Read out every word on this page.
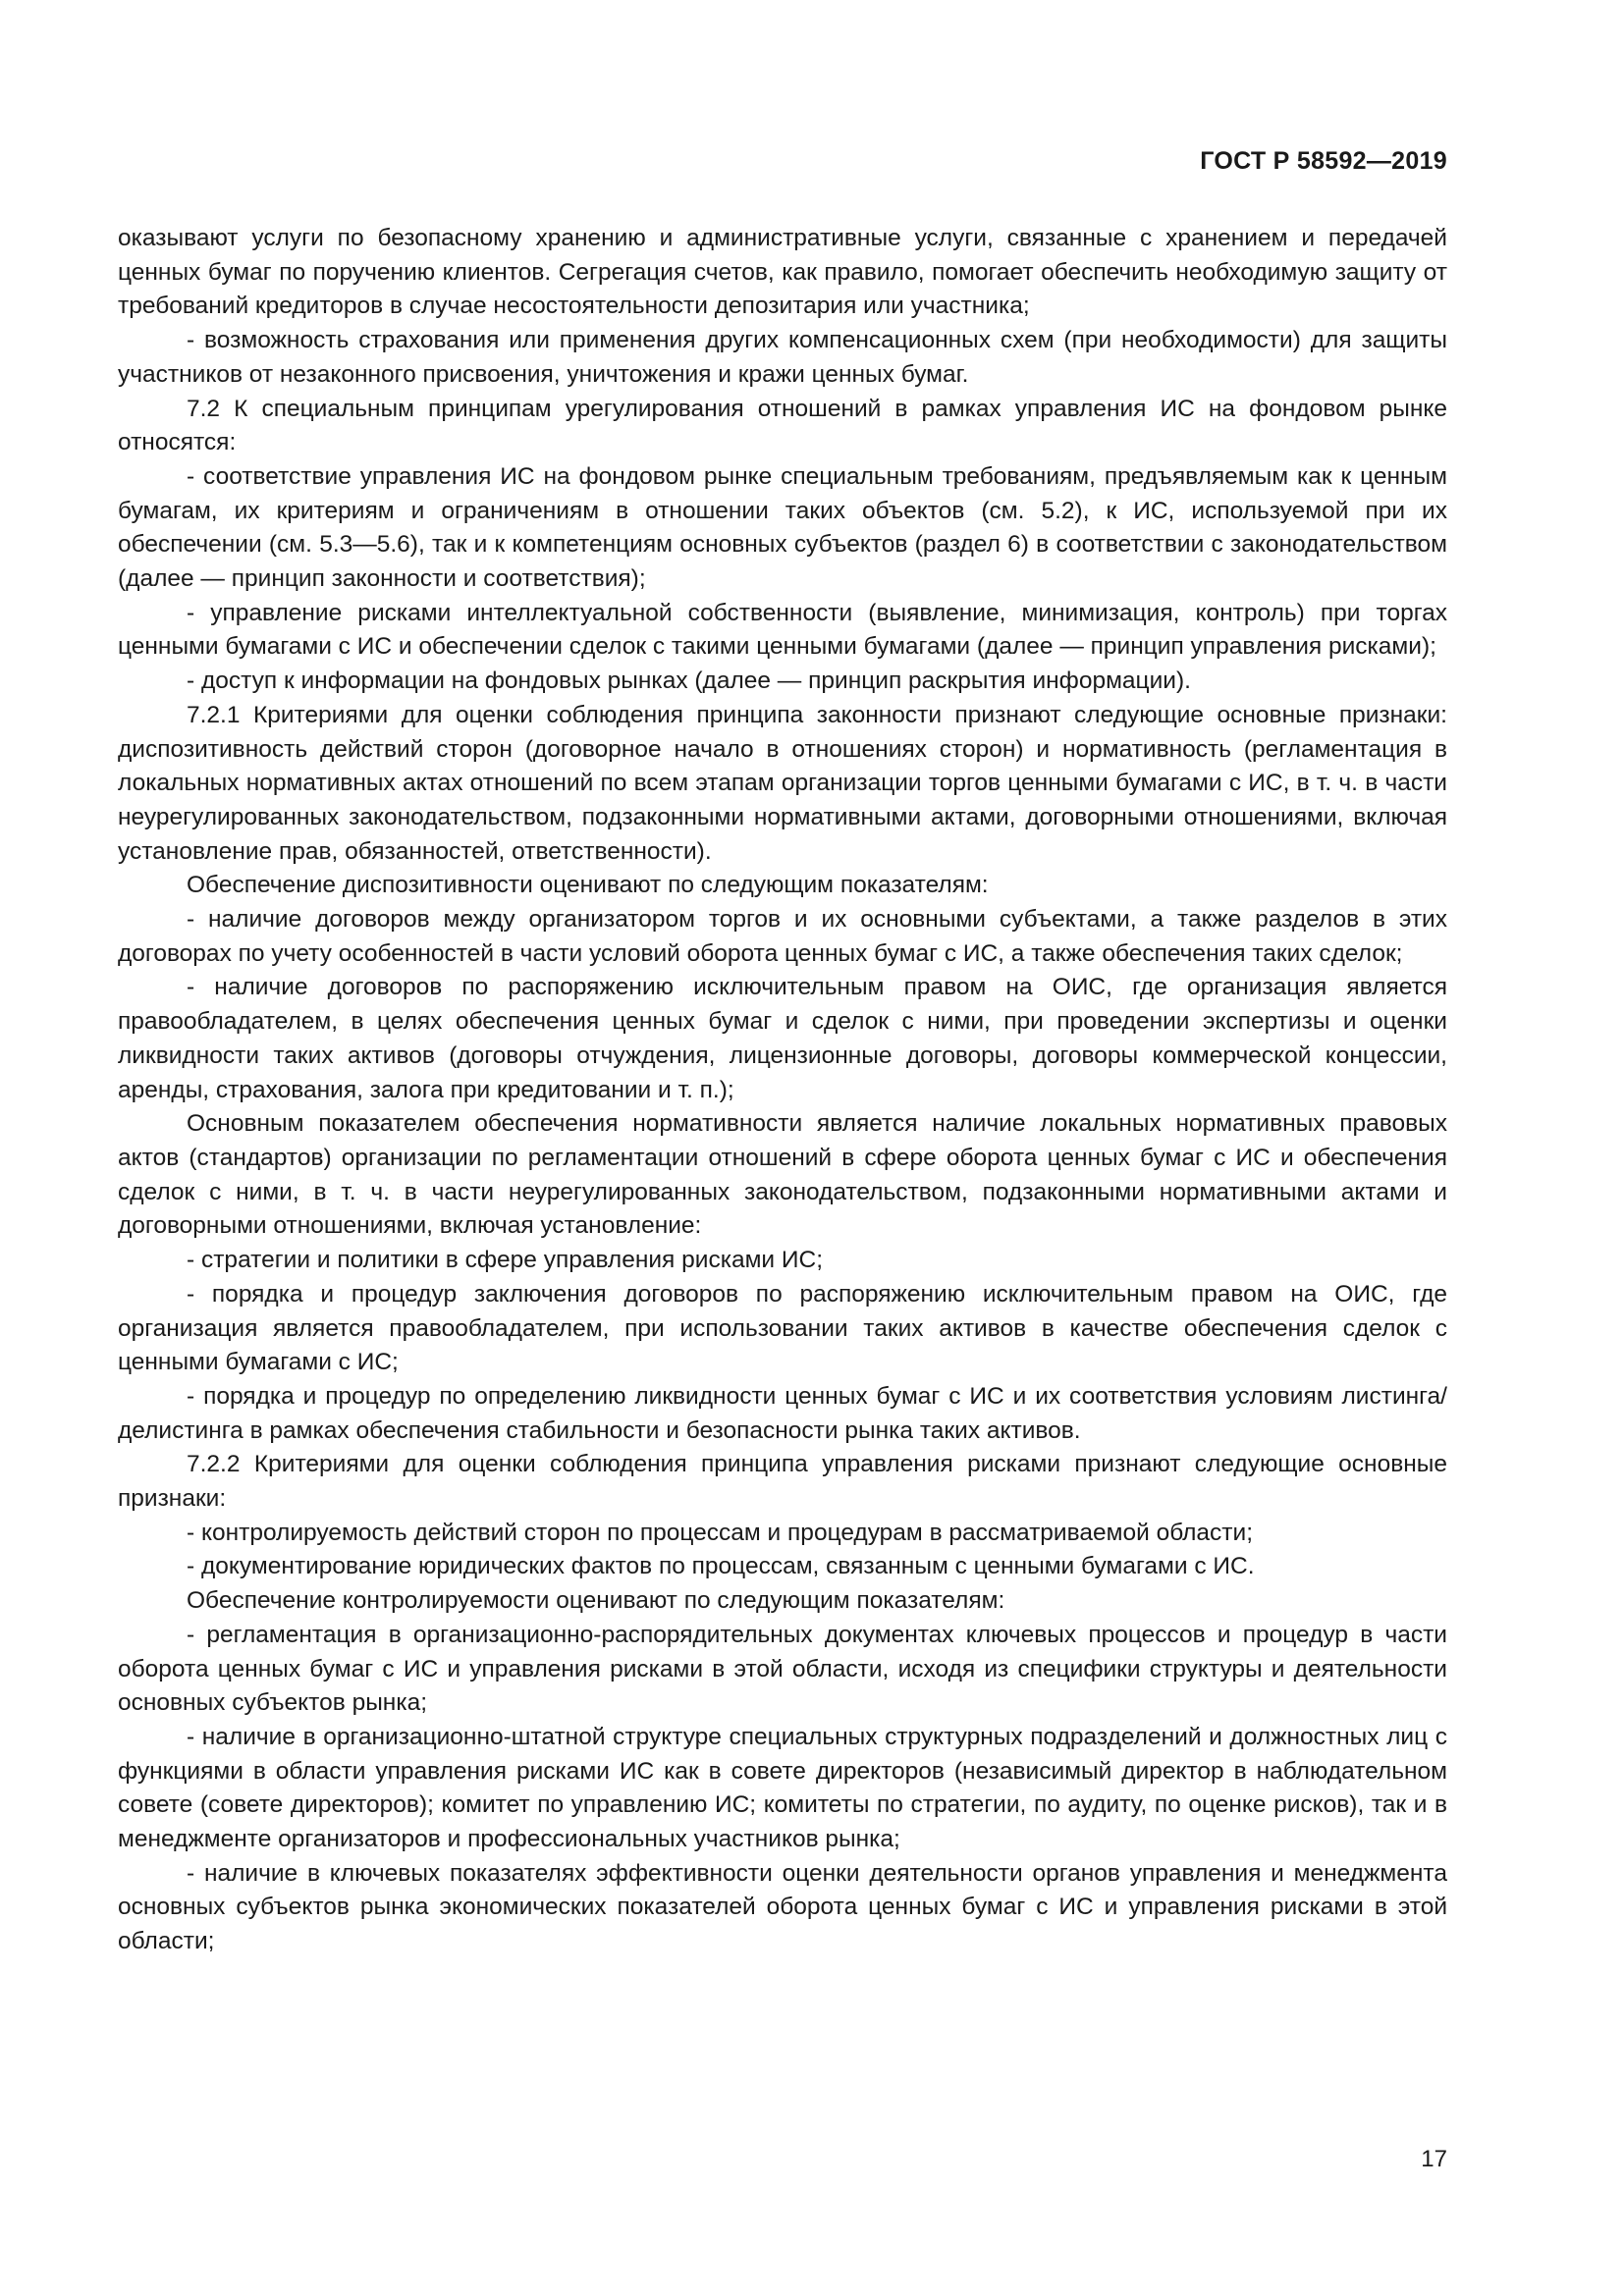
ГОСТ Р 58592—2019

оказывают услуги по безопасному хранению и административные услуги, связанные с хранением и передачей ценных бумаг по поручению клиентов. Сегрегация счетов, как правило, помогает обеспечить необходимую защиту от требований кредиторов в случае несостоятельности депозитария или участника;

- возможность страхования или применения других компенсационных схем (при необходимости) для защиты участников от незаконного присвоения, уничтожения и кражи ценных бумаг.

7.2 К специальным принципам урегулирования отношений в рамках управления ИС на фондовом рынке относятся:

- соответствие управления ИС на фондовом рынке специальным требованиям, предъявляемым как к ценным бумагам, их критериям и ограничениям в отношении таких объектов (см. 5.2), к ИС, используемой при их обеспечении (см. 5.3—5.6), так и к компетенциям основных субъектов (раздел 6) в соответствии с законодательством (далее — принцип законности и соответствия);

- управление рисками интеллектуальной собственности (выявление, минимизация, контроль) при торгах ценными бумагами с ИС и обеспечении сделок с такими ценными бумагами (далее — принцип управления рисками);

- доступ к информации на фондовых рынках (далее — принцип раскрытия информации).

7.2.1 Критериями для оценки соблюдения принципа законности признают следующие основные признаки: диспозитивность действий сторон (договорное начало в отношениях сторон) и нормативность (регламентация в локальных нормативных актах отношений по всем этапам организации торгов ценными бумагами с ИС, в т. ч. в части неурегулированных законодательством, подзаконными нормативными актами, договорными отношениями, включая установление прав, обязанностей, ответственности).

Обеспечение диспозитивности оценивают по следующим показателям:

- наличие договоров между организатором торгов и их основными субъектами, а также разделов в этих договорах по учету особенностей в части условий оборота ценных бумаг с ИС, а также обеспечения таких сделок;

- наличие договоров по распоряжению исключительным правом на ОИС, где организация является правообладателем, в целях обеспечения ценных бумаг и сделок с ними, при проведении экспертизы и оценки ликвидности таких активов (договоры отчуждения, лицензионные договоры, договоры коммерческой концессии, аренды, страхования, залога при кредитовании и т. п.);

Основным показателем обеспечения нормативности является наличие локальных нормативных правовых актов (стандартов) организации по регламентации отношений в сфере оборота ценных бумаг с ИС и обеспечения сделок с ними, в т. ч. в части неурегулированных законодательством, подзаконными нормативными актами и договорными отношениями, включая установление:

- стратегии и политики в сфере управления рисками ИС;

- порядка и процедур заключения договоров по распоряжению исключительным правом на ОИС, где организация является правообладателем, при использовании таких активов в качестве обеспечения сделок с ценными бумагами с ИС;

- порядка и процедур по определению ликвидности ценных бумаг с ИС и их соответствия условиям листинга/делистинга в рамках обеспечения стабильности и безопасности рынка таких активов.

7.2.2 Критериями для оценки соблюдения принципа управления рисками признают следующие основные признаки:

- контролируемость действий сторон по процессам и процедурам в рассматриваемой области;

- документирование юридических фактов по процессам, связанным с ценными бумагами с ИС.

Обеспечение контролируемости оценивают по следующим показателям:

- регламентация в организационно-распорядительных документах ключевых процессов и процедур в части оборота ценных бумаг с ИС и управления рисками в этой области, исходя из специфики структуры и деятельности основных субъектов рынка;

- наличие в организационно-штатной структуре специальных структурных подразделений и должностных лиц с функциями в области управления рисками ИС как в совете директоров (независимый директор в наблюдательном совете (совете директоров); комитет по управлению ИС; комитеты по стратегии, по аудиту, по оценке рисков), так и в менеджменте организаторов и профессиональных участников рынка;

- наличие в ключевых показателях эффективности оценки деятельности органов управления и менеджмента основных субъектов рынка экономических показателей оборота ценных бумаг с ИС и управления рисками в этой области;

17
